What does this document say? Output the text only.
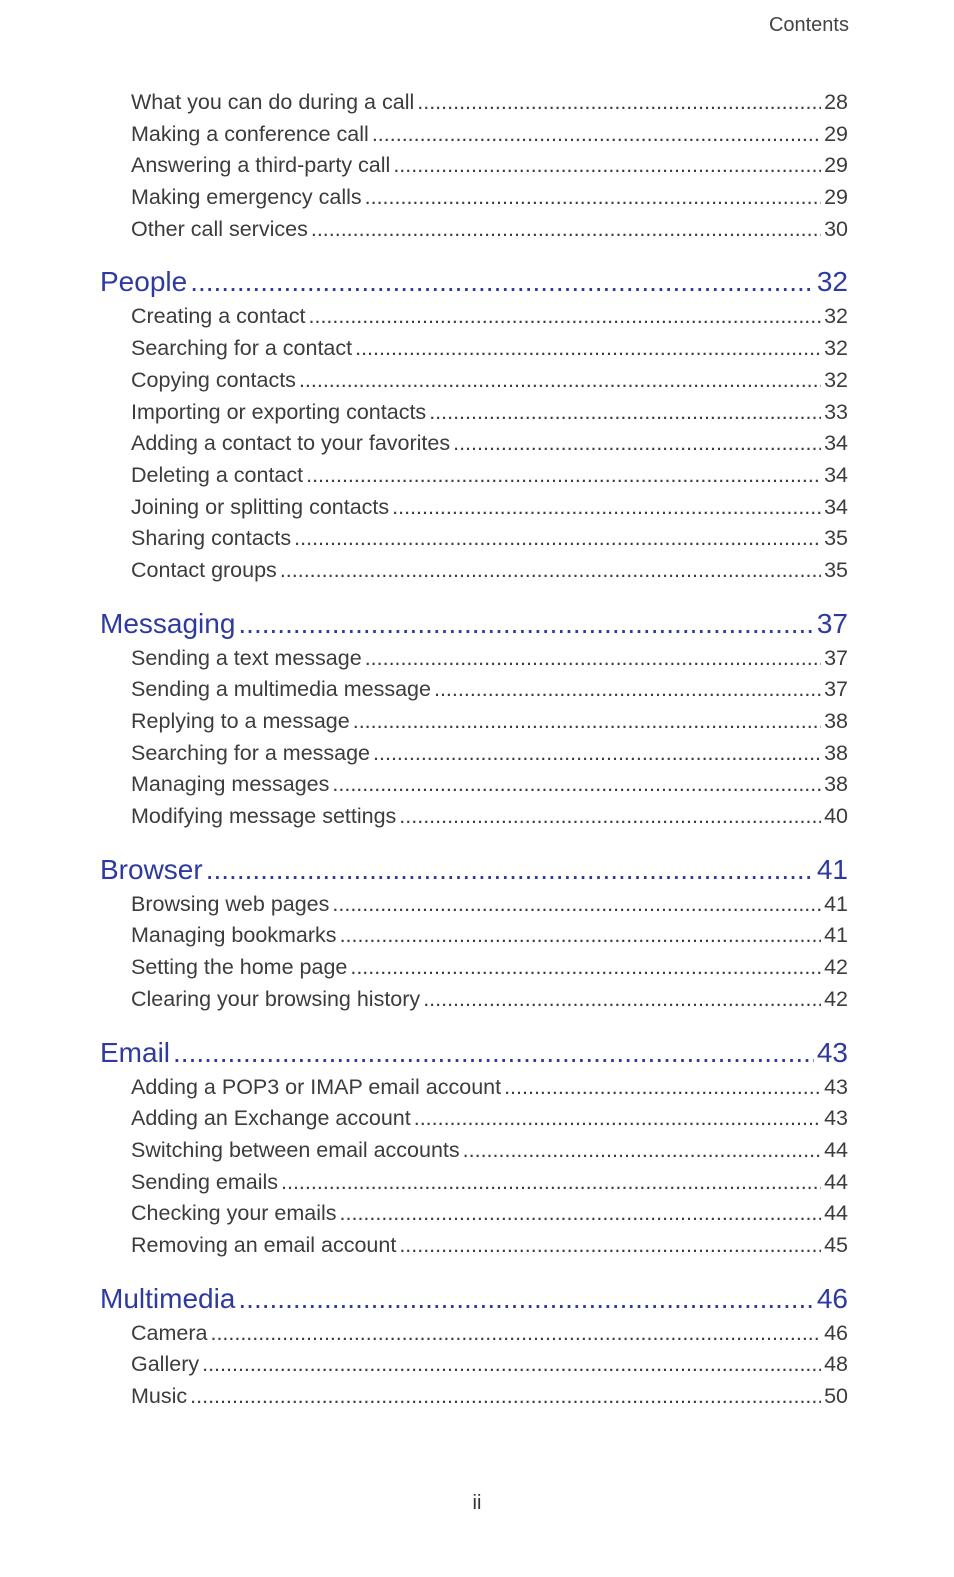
Contents
What you can do during a call .....	28
Making a conference call .....	29
Answering a third-party call .....	29
Making emergency calls .....	29
Other call services .....	30
People .....	32
Creating a contact .....	32
Searching for a contact .....	32
Copying contacts .....	32
Importing or exporting contacts .....	33
Adding a contact to your favorites .....	34
Deleting a contact .....	34
Joining or splitting contacts .....	34
Sharing contacts .....	35
Contact groups .....	35
Messaging .....	37
Sending a text message .....	37
Sending a multimedia message .....	37
Replying to a message .....	38
Searching for a message .....	38
Managing messages .....	38
Modifying message settings .....	40
Browser .....	41
Browsing web pages .....	41
Managing bookmarks .....	41
Setting the home page .....	42
Clearing your browsing history .....	42
Email .....	43
Adding a POP3 or IMAP email account .....	43
Adding an Exchange account .....	43
Switching between email accounts .....	44
Sending emails .....	44
Checking your emails .....	44
Removing an email account .....	45
Multimedia .....	46
Camera .....	46
Gallery .....	48
Music .....	50
ii
